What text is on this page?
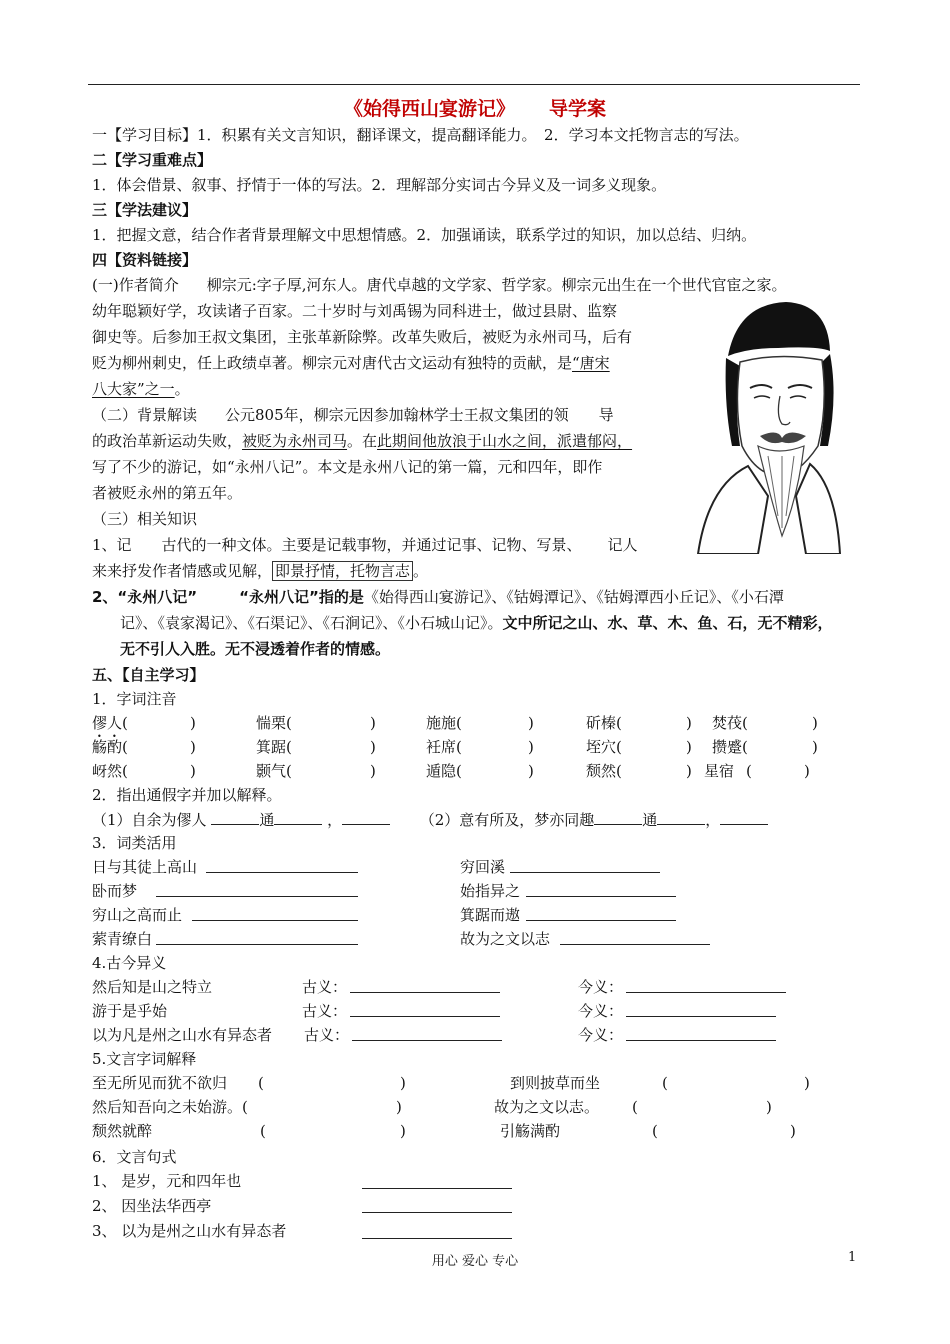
《始得西山宴游记》 导学案
一【学习目标】1．积累有关文言知识，翻译课文，提高翻译能力。　2．学习本文托物言志的写法。
二【学习重难点】
1．体会借景、叙事、抒情于一体的写法。2．理解部分实词古今异义及一词多义现象。
三【学法建议】
1．把握文意，结合作者背景理解文中思想情感。2．加强诵读，联系学过的知识，加以总结、归纳。
四【资料链接】
(一)作者简介 柳宗元:字子厚,河东人。唐代卓越的文学家、哲学家。柳宗元出生在一个世代官宦之家。
幼年聪颖好学，攻读诸子百家。二十岁时与刘禹锡为同科进士，做过县尉、监察
御史等。后参加王叔文集团，主张革新除弊。改革失败后，被贬为永州司马，后有
贬为柳州刺史，任上政绩卓著。柳宗元对唐代古文运动有独特的贡献，是“唐宋
八大家”之一。
（二）背景解读 公元805年，柳宗元因参加翰林学士王叔文集团的领 导
的政治革新运动失败，被贬为永州司马。在此期间他放浪于山水之间，派遣郁闷，
写了不少的游记，如“永州八记”。本文是永州八记的第一篇，元和四年，即作
者被贬永州的第五年。
（三）相关知识
1、记　　古代的一种文体。主要是记载事物，并通过记事、记物、写景、 记人
来来抒发作者情感或见解， 即景抒情，托物言志 。
2、“永州八记”	“永州八记”指的是《始得西山宴游记》、《钴姆潭记》、《钴姆潭西小丘记》、《小石潭
记》、《袁家渴记》、《石渠记》、《石涧记》、《小石城山记》。文中所记之山、水、草、木、鱼、石，无不精彩，
无不引人入胜。无不浸透着作者的情感。
五、【自主学习】
1．字词注音
僇人(	)	惴栗(	)	施施(	)	斫榛(	) 焚茷(	)
觞酌(	)	箕踞(	)	衽席(	)	垤穴(	) 攒蹙(	)
岈然(	)	颢气(	)	遁隐(	)	颓然(	) 星宿 (	)
2．指出通假字并加以解释。
（1）自余为僇人	通	，	（2）意有所及，梦亦同趣	通	，
3．词类活用
日与其徒上高山	穷回溪
卧而梦	始指异之
穷山之高而止	箕踞而遨
萦青缭白	故为之文以志
4.古今异义
然后知是山之特立	古义：	今义：
游于是乎始	古义：	今义：
以为凡是州之山水有异态者 古义：	今义：
5.文言字词解释
至无所见而犹不欲归 (	)	到则披草而坐	(	)
然后知吾向之未始游。(	)	故为之文以志。 (	)
颓然就醉	(	)	引觞满酌	(	)
6．文言句式
1、 是岁，元和四年也
2、 因坐法华西亭
3、 以为是州之山水有异态者
用心 爱心 专心	1
